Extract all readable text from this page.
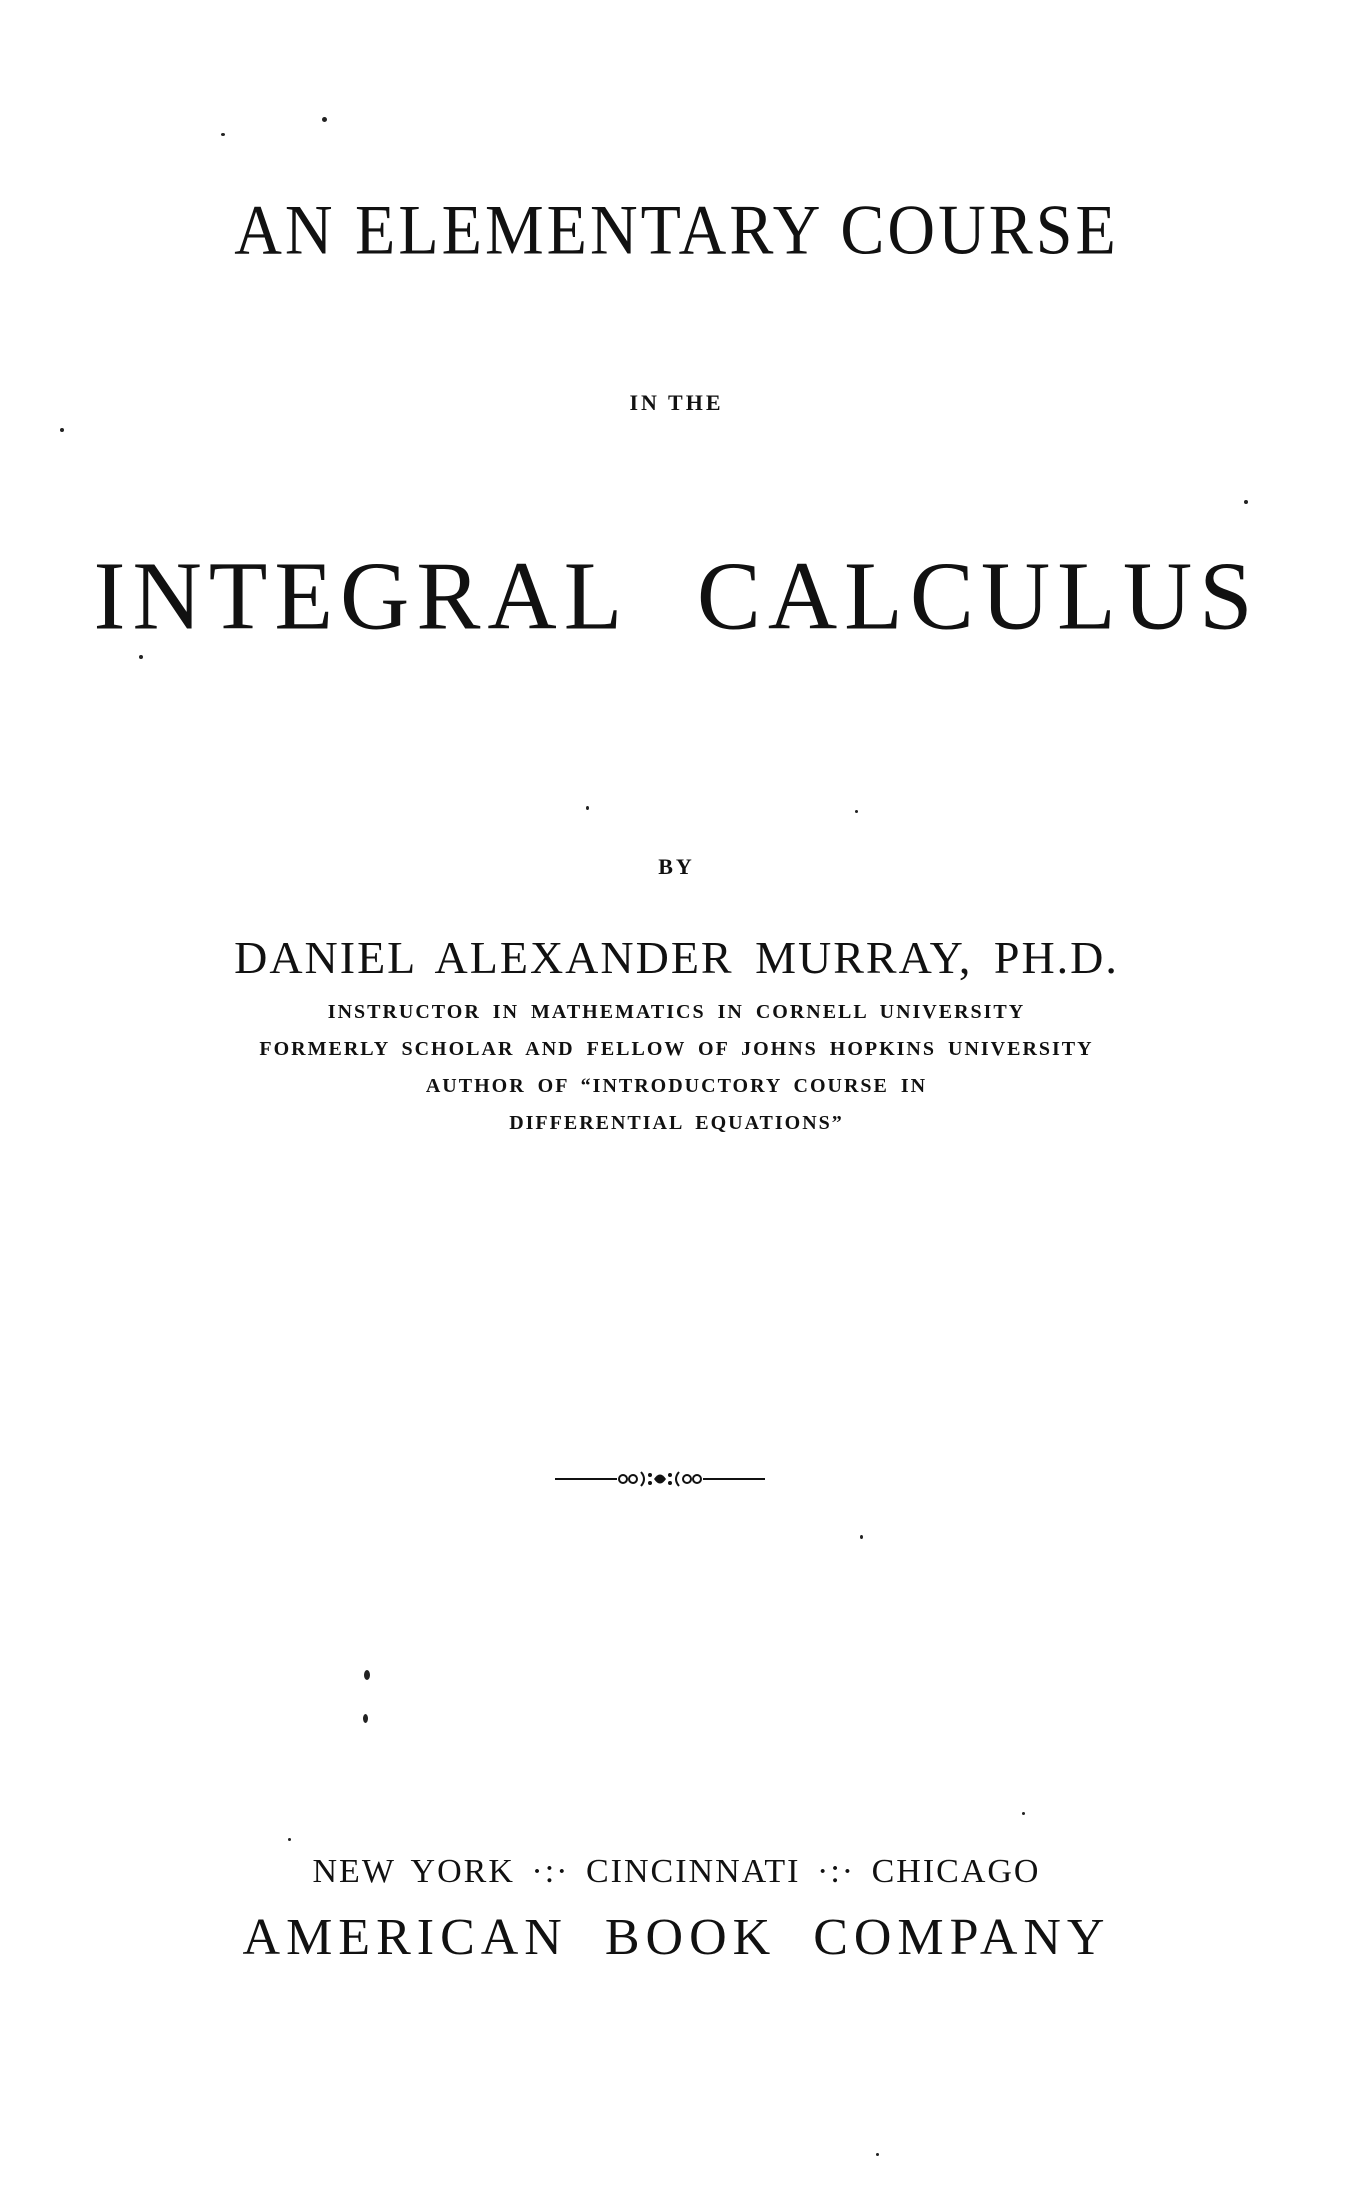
AN ELEMENTARY COURSE
IN THE
INTEGRAL CALCULUS
BY
DANIEL ALEXANDER MURRAY, PH.D.
INSTRUCTOR IN MATHEMATICS IN CORNELL UNIVERSITY
FORMERLY SCHOLAR AND FELLOW OF JOHNS HOPKINS UNIVERSITY
AUTHOR OF “INTRODUCTORY COURSE IN
DIFFERENTIAL EQUATIONS”
NEW YORK ·:· CINCINNATI ·:· CHICAGO
AMERICAN BOOK COMPANY
